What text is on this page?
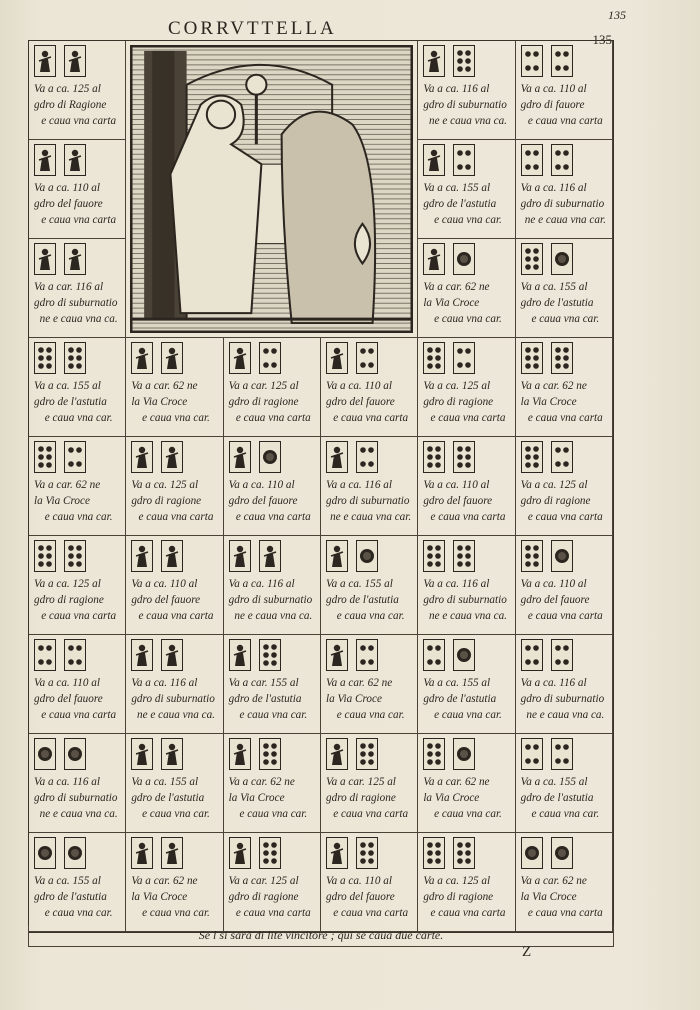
CORRVTTELLA
135
135
Va a ca. 125 al
gdro di Ragione
e caua vna carta
Va a ca. 116 al
gdro di suburnatio
ne e caua vna ca.
Va a ca. 110 al
gdro di fauore
e caua vna carta
Va a ca. 110 al
gdro del fauore
e caua vna carta
Va a ca. 155 al
gdro de l'astutia
e caua vna car.
Va a ca. 116 al
gdro di suburnatio
ne e caua vna car.
Va a car. 116 al
gdro di suburnatio
ne e caua vna ca.
Va a car. 62 ne
la Via Croce
e caua vna car.
Va a ca. 155 al
gdro de l'astutia
e caua vna car.
Va a ca. 155 al
gdro de l'astutia
e caua vna car.
Va a car. 62 ne
la Via Croce
e caua vna car.
Va a car. 125 al
gdro di ragione
e caua vna carta
Va a ca. 110 al
gdro del fauore
e caua vna carta
Va a ca. 125 al
gdro di ragione
e caua vna carta
Va a car. 62 ne
la Via Croce
e caua vna carta
Va a car. 62 ne
la Via Croce
e caua vna car.
Va a ca. 125 al
gdro di ragione
e caua vna carta
Va a ca. 110 al
gdro del fauore
e caua vna carta
Va a ca. 116 al
gdro di suburnatio
ne e caua vna car.
Va a ca. 110 al
gdro del fauore
e caua vna carta
Va a ca. 125 al
gdro di ragione
e caua vna carta
Va a ca. 125 al
gdro di ragione
e caua vna carta
Va a ca. 110 al
gdro del fauore
e caua vna carta
Va a ca. 116 al
gdro di suburnatio
ne e caua vna ca.
Va a ca. 155 al
gdro de l'astutia
e caua vna car.
Va a ca. 116 al
gdro di suburnatio
ne e caua vna ca.
Va a ca. 110 al
gdro del fauore
e caua vna carta
Va a ca. 110 al
gdro del fauore
e caua vna carta
Va a ca. 116 al
gdro di suburnatio
ne e caua vna ca.
Va a car. 155 al
gdro de l'astutia
e caua vna car.
Va a car. 62 ne
la Via Croce
e caua vna car.
Va a ca. 155 al
gdro de l'astutia
e caua vna car.
Va a ca. 116 al
gdro di suburnatio
ne e caua vna ca.
Va a ca. 116 al
gdro di suburnatio
ne e caua vna ca.
Va a ca. 155 al
gdro de l'astutia
e caua vna car.
Va a car. 62 ne
la Via Croce
e caua vna car.
Va a car. 125 al
gdro di ragione
e caua vna carta
Va a car. 62 ne
la Via Croce
e caua vna car.
Va a ca. 155 al
gdro de l'astutia
e caua vna car.
Va a ca. 155 al
gdro de l'astutia
e caua vna car.
Va a car. 62 ne
la Via Croce
e caua vna car.
Va a car. 125 al
gdro di ragione
e caua vna carta
Va a ca. 110 al
gdro del fauore
e caua vna carta
Va a ca. 125 al
gdro di ragione
e caua vna carta
Va a car. 62 ne
la Via Croce
e caua vna carta
Se l si sarà di lite vincitore ; qui se caua due carte.
Z
